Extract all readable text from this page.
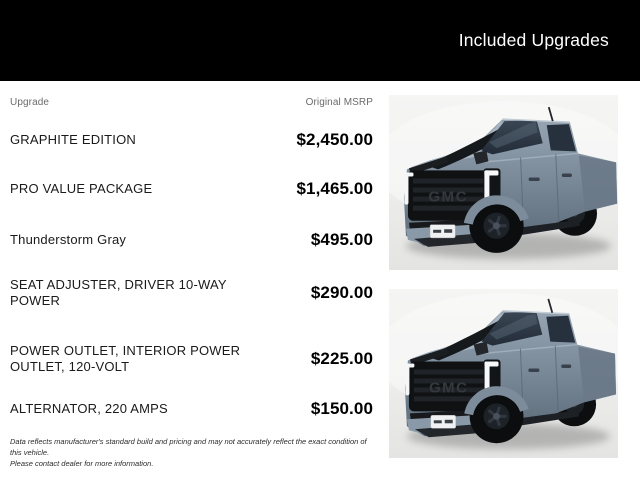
Included Upgrades
Upgrade	Original MSRP
GRAPHITE EDITION	$2,450.00
PRO VALUE PACKAGE	$1,465.00
Thunderstorm Gray	$495.00
SEAT ADJUSTER, DRIVER 10-WAY POWER	$290.00
POWER OUTLET, INTERIOR POWER OUTLET, 120-VOLT	$225.00
ALTERNATOR, 220 AMPS	$150.00
Data reflects manufacturer's standard build and pricing and may not accurately reflect the exact condition of this vehicle.
Please contact dealer for more information.
